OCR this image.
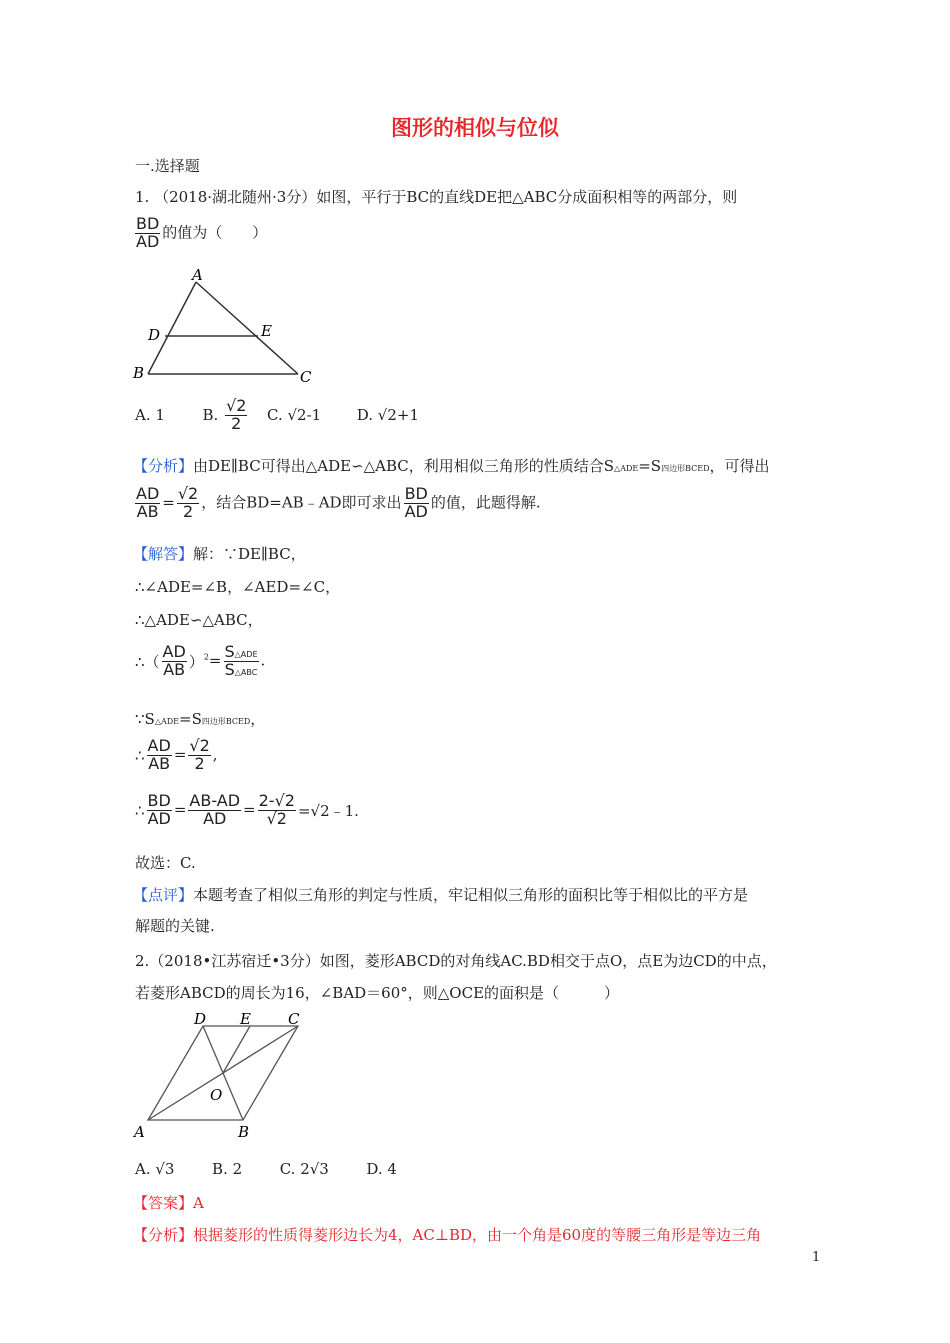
图形的相似与位似
一.选择题
1. （2018·湖北随州·3分）如图，平行于BC的直线DE把△ABC分成面积相等的两部分，则
$\frac{BD}{AD}$ 的值为（　　）
A
D	E
B	C
A. 1	B. $\frac{√2}{2} C$. √2-1 D. √2+1
【分析】由DE∥BC可得出△ADE∽△ABC，利用相似三角形的性质结合S△ADE=S四边形BCED，可得出
$\frac{AD}{AB} = \frac{√2}{2}$ ，结合BD=AB﹣AD即可求出 $\frac{BD}{AD}$ 的值，此题得解.
【解答】解：∵DE∥BC，
∴∠ADE=∠B，∠AED=∠C，
∴△ADE∽△ABC，
∴（ $\frac{AD}{AB} )^2= \frac{\text{S△ADE}}{\text{S△ABC}}$ .
∵S△ADE=S四边形BCED，
∴ $\frac{AD}{AB} = \frac{√2}{2}$ ,
∴ $\frac{BD}{AD} = \frac{AB-AD}{AD} = \frac{2-√2}{√2}$ =√2﹣1.
故选：C.
【点评】本题考查了相似三角形的判定与性质，牢记相似三角形的面积比等于相似比的平方是
解题的关键.
2.（2018•江苏宿迁•3分）如图，菱形ABCD的对角线AC.BD相交于点O，点E为边CD的中点，
若菱形ABCD的周长为16，∠BAD＝60°，则△OCE的面积是（　　　）
D E C
O
A	B
A. √3	B. 2	C. 2√3	D. 4
【答案】A
【分析】根据菱形的性质得菱形边长为4，AC⊥BD，由一个角是60度的等腰三角形是等边三角
1
